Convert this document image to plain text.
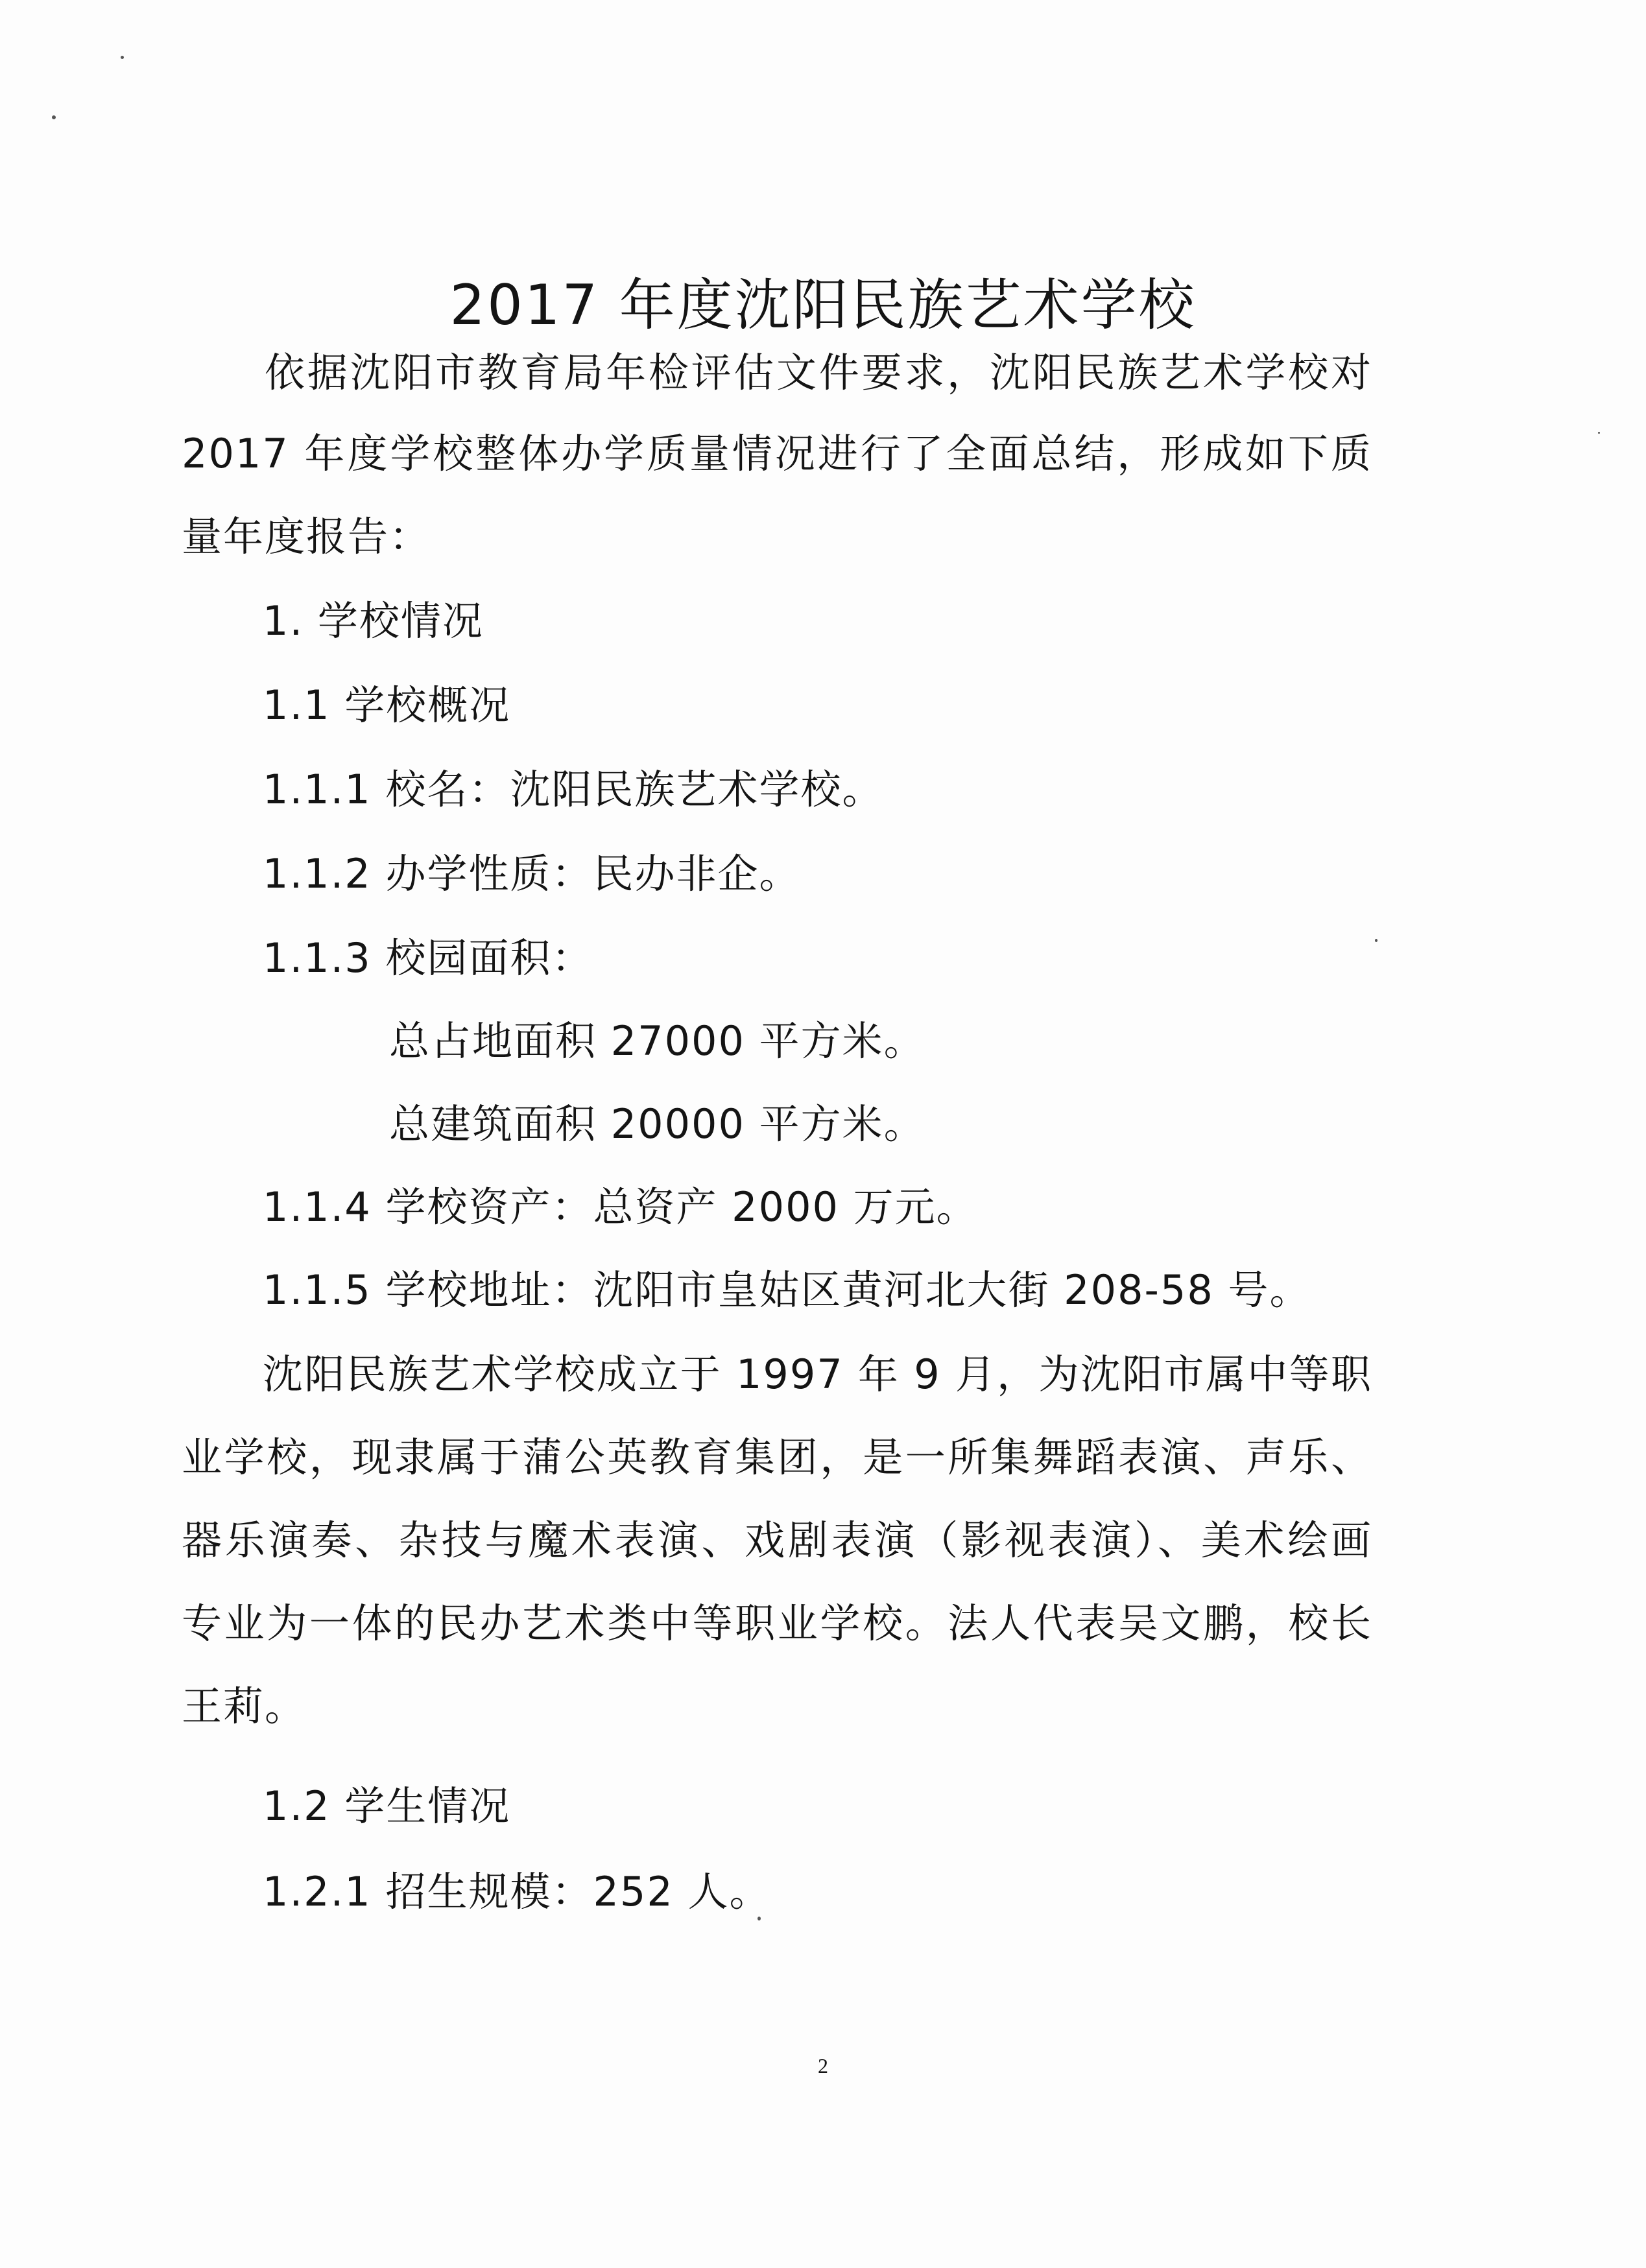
2017 年度沈阳民族艺术学校
依据沈阳市教育局年检评估文件要求，沈阳民族艺术学校对
2017 年度学校整体办学质量情况进行了全面总结，形成如下质
量年度报告：
1. 学校情况
1.1 学校概况
1.1.1 校名：沈阳民族艺术学校。
1.1.2 办学性质：民办非企。
1.1.3 校园面积：
总占地面积 27000 平方米。
总建筑面积 20000 平方米。
1.1.4 学校资产：总资产 2000 万元。
1.1.5 学校地址：沈阳市皇姑区黄河北大街 208-58 号。
沈阳民族艺术学校成立于 1997 年 9 月，为沈阳市属中等职
业学校，现隶属于蒲公英教育集团，是一所集舞蹈表演、声乐、
器乐演奏、杂技与魔术表演、戏剧表演（影视表演）、美术绘画
专业为一体的民办艺术类中等职业学校。法人代表吴文鹏，校长
王莉。
1.2 学生情况
1.2.1 招生规模：252 人。
2
